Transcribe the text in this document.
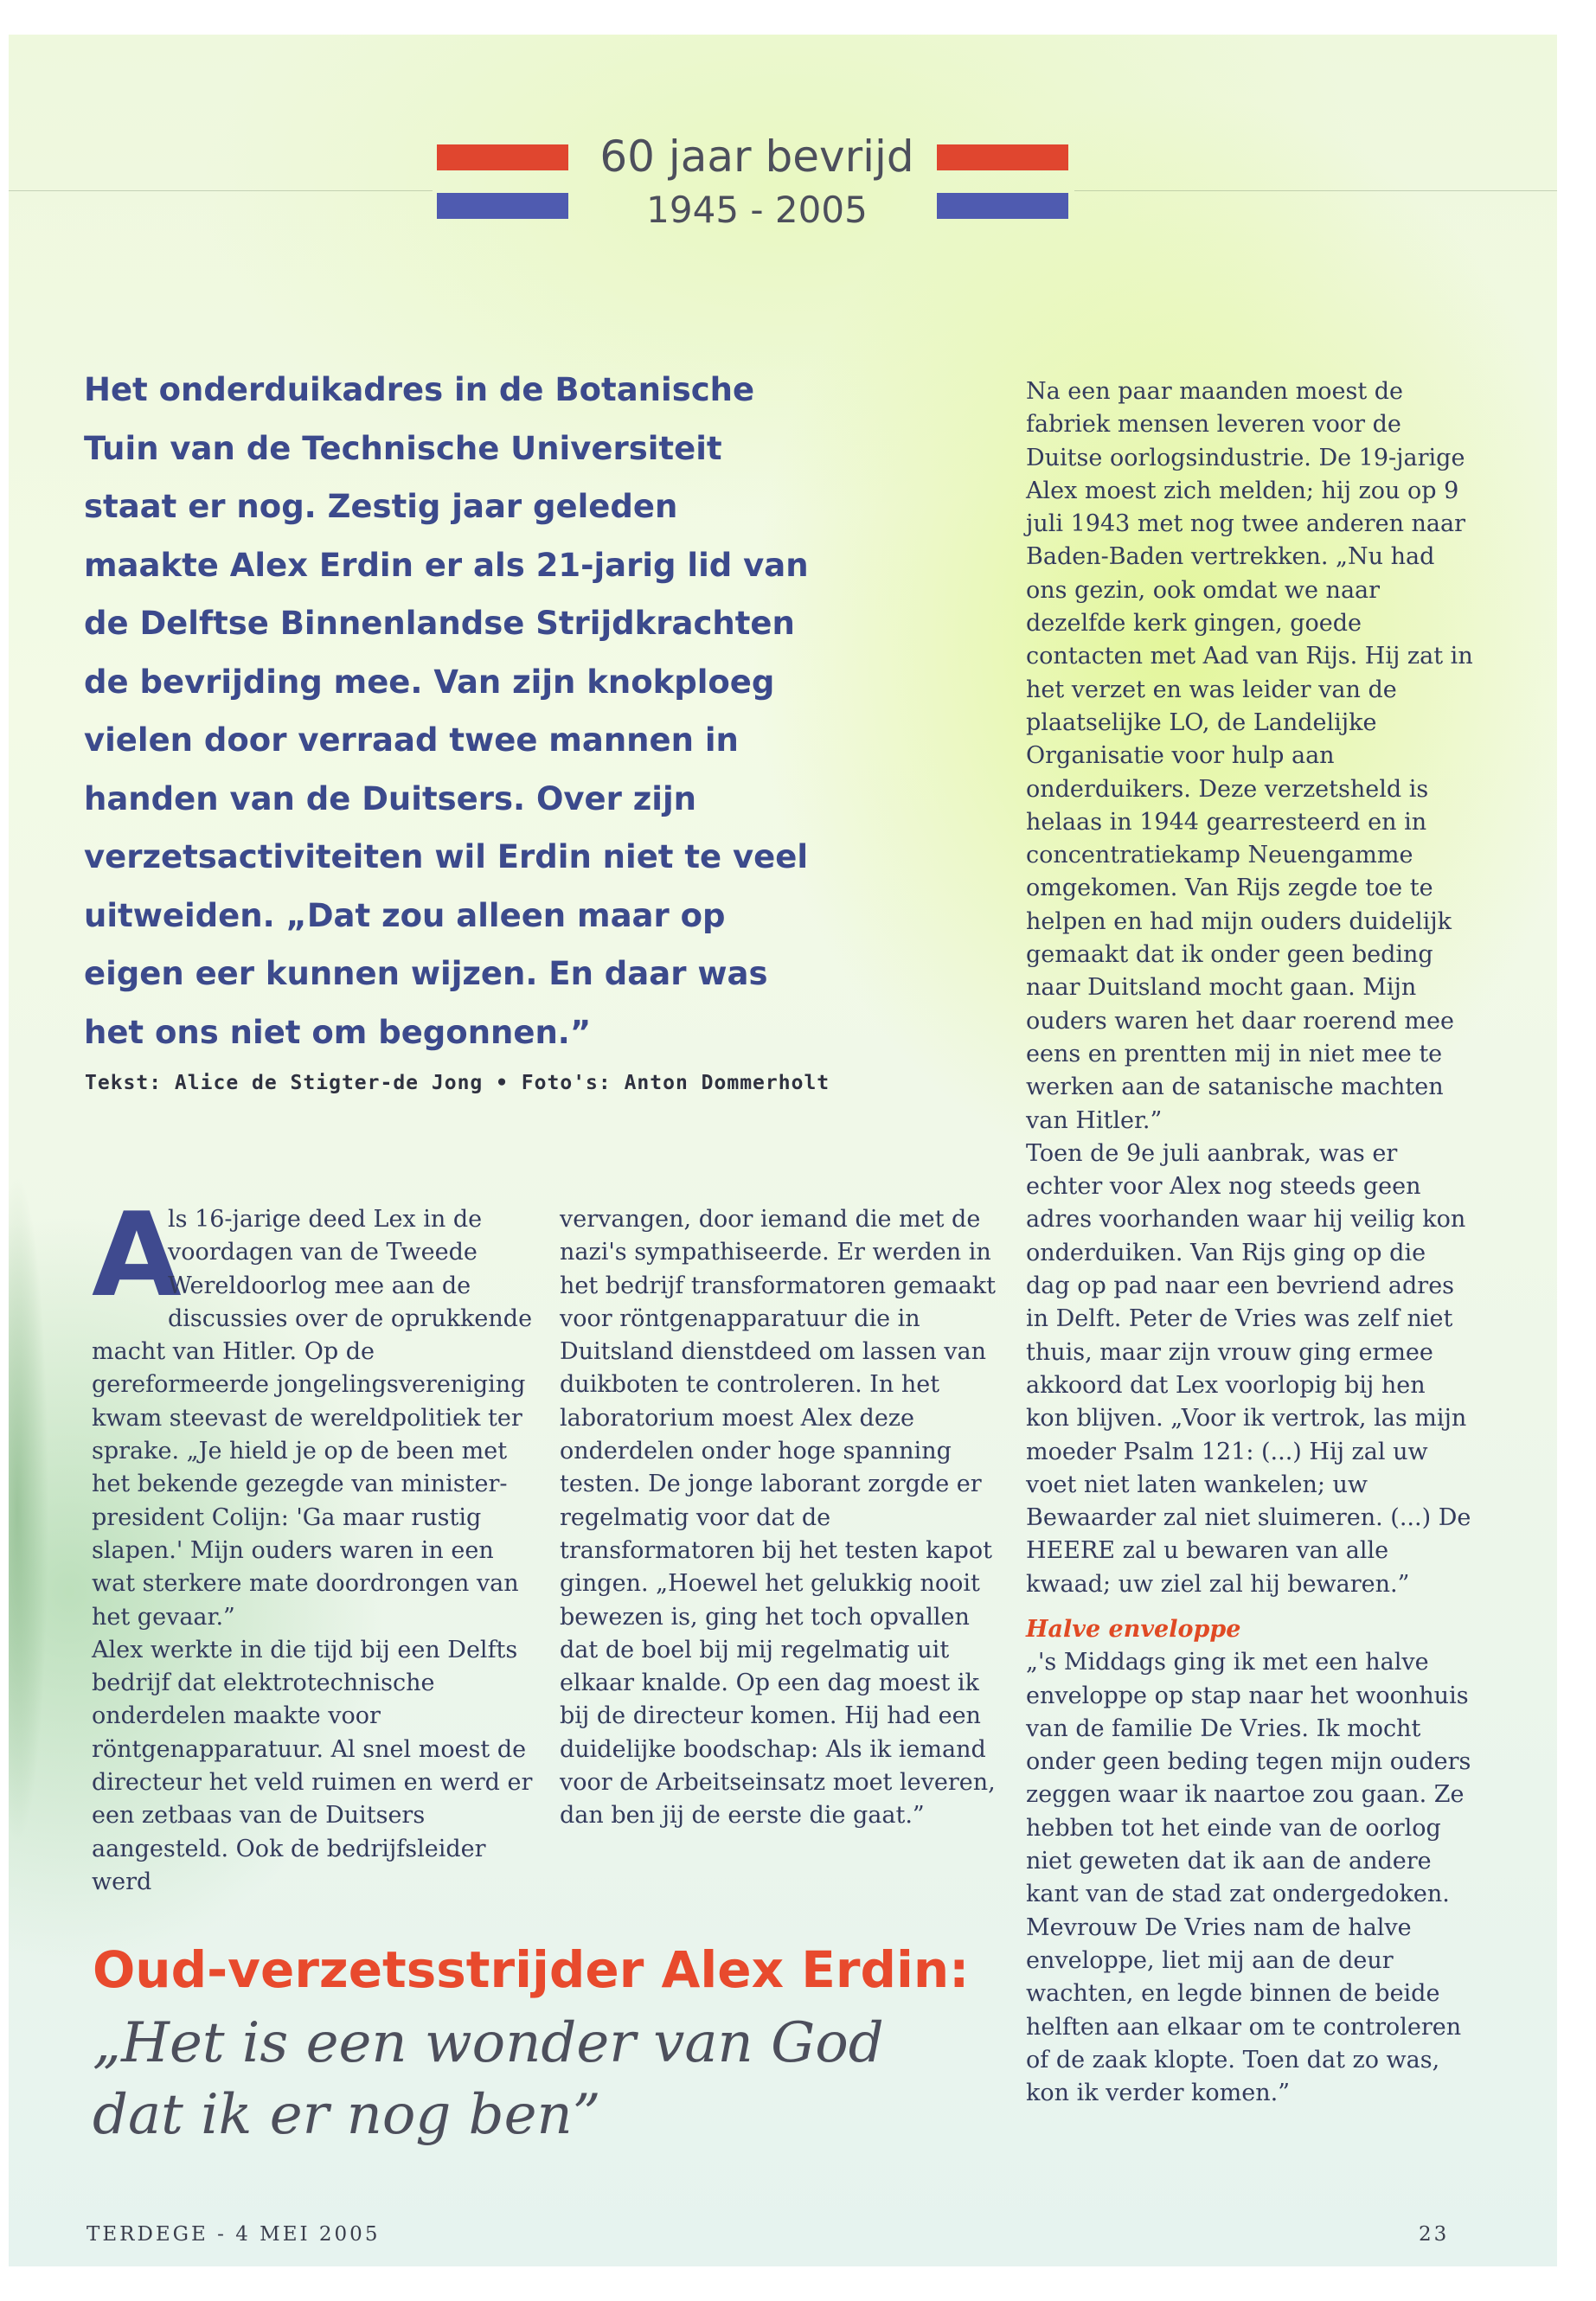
60 jaar bevrijd
1945 - 2005
Het onderduikadres in de Botanische Tuin van de Technische Universiteit staat er nog. Zestig jaar geleden maakte Alex Erdin er als 21-jarig lid van de Delftse Binnenlandse Strijdkrachten de bevrijding mee. Van zijn knokploeg vielen door verraad twee mannen in handen van de Duitsers. Over zijn verzetsactiviteiten wil Erdin niet te veel uitweiden. „Dat zou alleen maar op eigen eer kunnen wijzen. En daar was het ons niet om begonnen.”
Tekst: Alice de Stigter-de Jong • Foto's: Anton Dommerholt
A

ls 16-jarige deed Lex in de voordagen van de Tweede Wereldoorlog mee aan de discussies over de oprukkende macht van Hitler. Op de gereformeerde jongelingsvereniging kwam steevast de wereldpolitiek ter sprake. „Je hield je op de been met het bekende gezegde van minister-president Colijn: 'Ga maar rustig slapen.' Mijn ouders waren in een wat sterkere mate doordrongen van het gevaar.”
Alex werkte in die tijd bij een Delfts bedrijf dat elektrotechnische onderdelen maakte voor röntgenapparatuur. Al snel moest de directeur het veld ruimen en werd er een zetbaas van de Duitsers aangesteld. Ook de bedrijfsleider werd

vervangen, door iemand die met de nazi's sympathiseerde. Er werden in het bedrijf transformatoren gemaakt voor röntgenapparatuur die in Duitsland dienstdeed om lassen van duikboten te controleren. In het laboratorium moest Alex deze onderdelen onder hoge spanning testen. De jonge laborant zorgde er regelmatig voor dat de transformatoren bij het testen kapot gingen. „Hoewel het gelukkig nooit bewezen is, ging het toch opvallen dat de boel bij mij regelmatig uit elkaar knalde. Op een dag moest ik bij de directeur komen. Hij had een duidelijke boodschap: Als ik iemand voor de Arbeitseinsatz moet leveren, dan ben jij de eerste die gaat.”

Na een paar maanden moest de fabriek mensen leveren voor de Duitse oorlogsindustrie. De 19-jarige Alex moest zich melden; hij zou op 9 juli 1943 met nog twee anderen naar Baden-Baden vertrekken. „Nu had ons gezin, ook omdat we naar dezelfde kerk gingen, goede contacten met Aad van Rijs. Hij zat in het verzet en was leider van de plaatselijke LO, de Landelijke Organisatie voor hulp aan onderduikers. Deze verzetsheld is helaas in 1944 gearresteerd en in concentratiekamp Neuengamme omgekomen. Van Rijs zegde toe te helpen en had mijn ouders duidelijk gemaakt dat ik onder geen beding naar Duitsland mocht gaan. Mijn ouders waren het daar roerend mee eens en prentten mij in niet mee te werken aan de satanische machten van Hitler.”
Toen de 9e juli aanbrak, was er echter voor Alex nog steeds geen adres voorhanden waar hij veilig kon onderduiken. Van Rijs ging op die dag op pad naar een bevriend adres in Delft. Peter de Vries was zelf niet thuis, maar zijn vrouw ging ermee akkoord dat Lex voorlopig bij hen kon blijven. „Voor ik vertrok, las mijn moeder Psalm 121: (...) Hij zal uw voet niet laten wankelen; uw Bewaarder zal niet sluimeren. (...) De HEERE zal u bewaren van alle kwaad; uw ziel zal hij bewaren.”

Halve enveloppe

„'s Middags ging ik met een halve enveloppe op stap naar het woonhuis van de familie De Vries. Ik mocht onder geen beding tegen mijn ouders zeggen waar ik naartoe zou gaan. Ze hebben tot het einde van de oorlog niet geweten dat ik aan de andere kant van de stad zat ondergedoken. Mevrouw De Vries nam de halve enveloppe, liet mij aan de deur wachten, en legde binnen de beide helften aan elkaar om te controleren of de zaak klopte. Toen dat zo was, kon ik verder komen.”

Oud-verzetsstrijder Alex Erdin:
„Het is een wonder van God
dat ik er nog ben”
TERDEGE - 4 MEI 2005	23
